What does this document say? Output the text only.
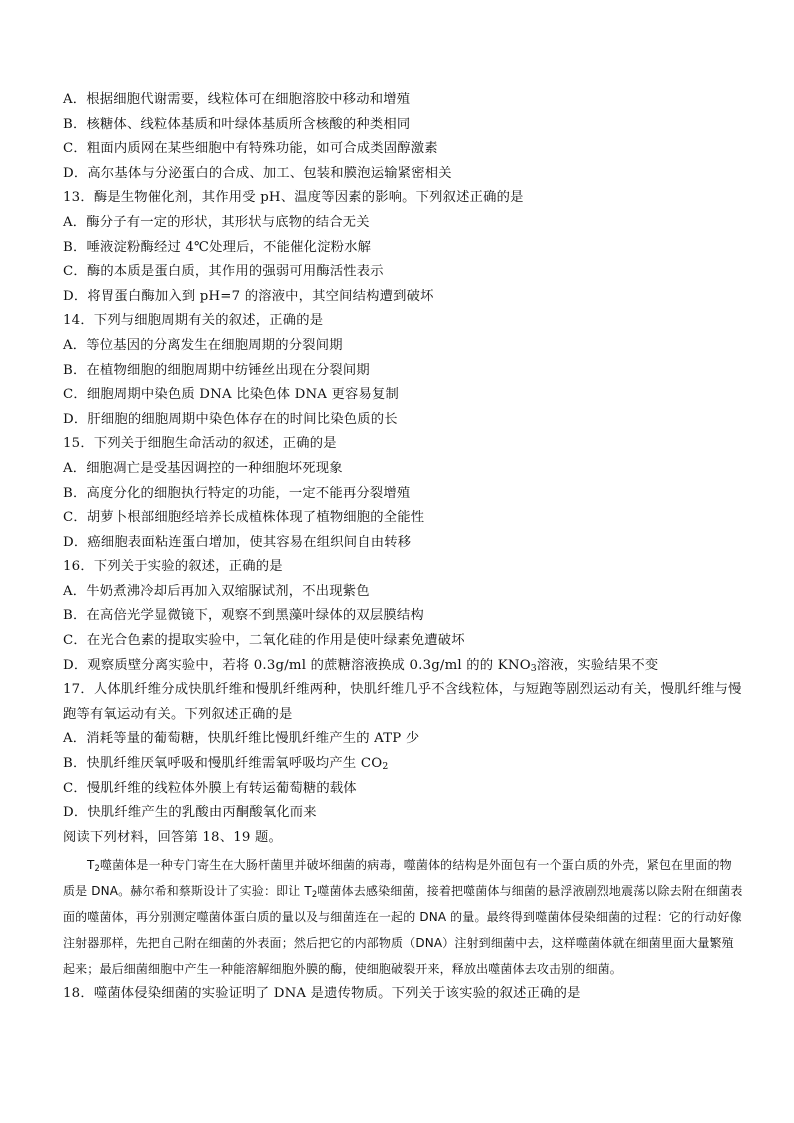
A．根据细胞代谢需要，线粒体可在细胞溶胶中移动和增殖
B．核糖体、线粒体基质和叶绿体基质所含核酸的种类相同
C．粗面内质网在某些细胞中有特殊功能，如可合成类固醇激素
D．高尔基体与分泌蛋白的合成、加工、包装和膜泡运输紧密相关
13．酶是生物催化剂，其作用受 pH、温度等因素的影响。下列叙述正确的是
A．酶分子有一定的形状，其形状与底物的结合无关
B．唾液淀粉酶经过 4℃处理后，不能催化淀粉水解
C．酶的本质是蛋白质，其作用的强弱可用酶活性表示
D．将胃蛋白酶加入到 pH=7 的溶液中，其空间结构遭到破坏
14．下列与细胞周期有关的叙述，正确的是
A．等位基因的分离发生在细胞周期的分裂间期
B．在植物细胞的细胞周期中纺锤丝出现在分裂间期
C．细胞周期中染色质 DNA 比染色体 DNA 更容易复制
D．肝细胞的细胞周期中染色体存在的时间比染色质的长
15．下列关于细胞生命活动的叙述，正确的是
A．细胞凋亡是受基因调控的一种细胞坏死现象
B．高度分化的细胞执行特定的功能，一定不能再分裂增殖
C．胡萝卜根部细胞经培养长成植株体现了植物细胞的全能性
D．癌细胞表面粘连蛋白增加，使其容易在组织间自由转移
16．下列关于实验的叙述，正确的是
A．牛奶煮沸冷却后再加入双缩脲试剂，不出现紫色
B．在高倍光学显微镜下，观察不到黑藻叶绿体的双层膜结构
C．在光合色素的提取实验中，二氧化硅的作用是使叶绿素免遭破坏
D．观察质壁分离实验中，若将 0.3g/ml 的蔗糖溶液换成 0.3g/ml 的的 $KNO_3$溶液，实验结果不变
17．人体肌纤维分成快肌纤维和慢肌纤维两种，快肌纤维几乎不含线粒体，与短跑等剧烈运动有关，慢肌纤维与慢跑等有氧运动有关。下列叙述正确的是
A．消耗等量的葡萄糖，快肌纤维比慢肌纤维产生的 ATP 少
B．快肌纤维厌氧呼吸和慢肌纤维需氧呼吸均产生 $CO_2$
C．慢肌纤维的线粒体外膜上有转运葡萄糖的载体
D．快肌纤维产生的乳酸由丙酮酸氧化而来
阅读下列材料，回答第 18、19 题。

$T_2$噬菌体是一种专门寄生在大肠杆菌里并破坏细菌的病毒，噬菌体的结构是外面包有一个蛋白质的外壳，紧包在里面的物质是 DNA。赫尔希和蔡斯设计了实验：即让 $T_2$噬菌体去感染细菌，接着把噬菌体与细菌的悬浮液剧烈地震荡以除去附在细菌表面的噬菌体，再分别测定噬菌体蛋白质的量以及与细菌连在一起的 DNA 的量。最终得到噬菌体侵染细菌的过程：它的行动好像注射器那样，先把自己附在细菌的外表面；然后把它的内部物质（DNA）注射到细菌中去，这样噬菌体就在细菌里面大量繁殖起来；最后细菌细胞中产生一种能溶解细胞外膜的酶，使细胞破裂开来，释放出噬菌体去攻击别的细菌。

18．噬菌体侵染细菌的实验证明了 DNA 是遗传物质。下列关于该实验的叙述正确的是
